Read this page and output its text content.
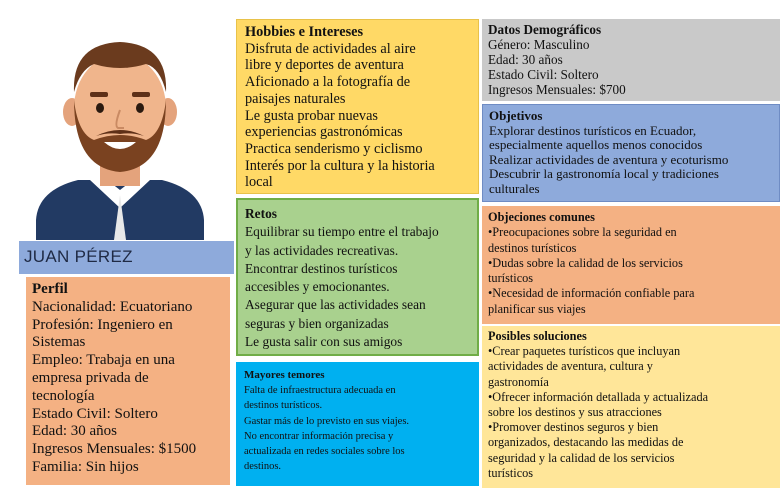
JUAN PÉREZ
Perfil
Nacionalidad: Ecuatoriano
Profesión: Ingeniero en
Sistemas
Empleo: Trabaja en una
empresa privada de
tecnología
Estado Civil: Soltero
Edad: 30 años
Ingresos Mensuales: $1500
Familia: Sin hijos
Hobbies e Intereses
Disfruta de actividades al aire
libre y deportes de aventura
Aficionado a la fotografía de
paisajes naturales
Le gusta probar nuevas
experiencias gastronómicas
Practica senderismo y ciclismo
Interés por la cultura y la historia
local
Retos
Equilibrar su tiempo entre el trabajo
y las actividades recreativas.
Encontrar destinos turísticos
accesibles y emocionantes.
Asegurar que las actividades sean
seguras y bien organizadas
Le gusta salir con sus amigos
Mayores temores
Falta de infraestructura adecuada en
destinos turísticos.
Gastar más de lo previsto en sus viajes.
No encontrar información precisa y
actualizada en redes sociales sobre los
destinos.
Datos Demográficos
Género: Masculino
Edad: 30 años
Estado Civil: Soltero
Ingresos Mensuales: $700
Objetivos
Explorar destinos turísticos en Ecuador,
especialmente aquellos menos conocidos
Realizar actividades de aventura y ecoturismo
Descubrir la gastronomía local y tradiciones
culturales
Objeciones comunes
•Preocupaciones sobre la seguridad en
destinos turísticos
•Dudas sobre la calidad de los servicios
turísticos
•Necesidad de información confiable para
planificar sus viajes
Posibles soluciones
•Crear paquetes turísticos que incluyan
actividades de aventura, cultura y
gastronomía
•Ofrecer información detallada y actualizada
sobre los destinos y sus atracciones
•Promover destinos seguros y bien
organizados, destacando las medidas de
seguridad y la calidad de los servicios
turísticos
